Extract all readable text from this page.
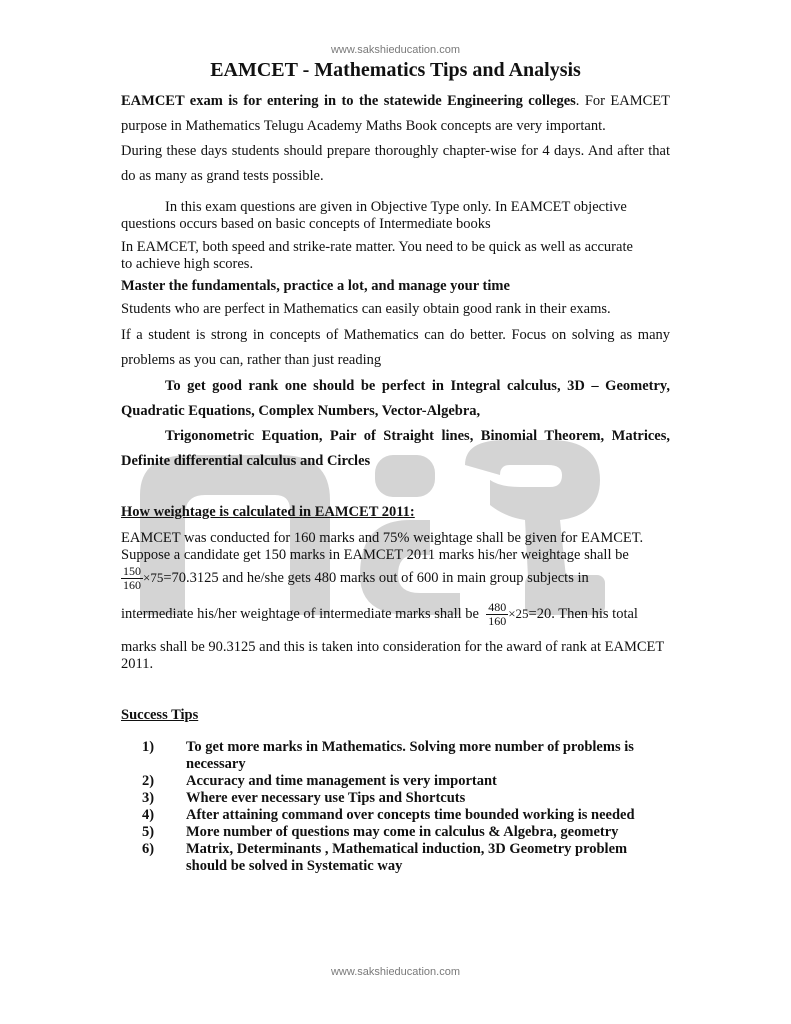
www.sakshieducation.com
EAMCET - Mathematics Tips and Analysis
EAMCET exam is for entering in to the statewide Engineering colleges. For EAMCET
purpose in Mathematics Telugu Academy Maths Book concepts are very important.
During these days students should prepare thoroughly chapter-wise for 4 days. And after that
do as many as grand tests possible.
In this exam questions are given in Objective Type only. In EAMCET objective
questions occurs based on basic concepts of Intermediate books
In EAMCET, both speed and strike-rate matter. You need to be quick as well as accurate
to achieve high scores.
Master the fundamentals, practice a lot, and manage your time
Students who are perfect in Mathematics can easily obtain good rank in their exams.
If a student is strong in concepts of Mathematics can do better. Focus on solving as many
problems as you can, rather than just reading
To get good rank one should be perfect in Integral calculus, 3D – Geometry,
Quadratic Equations, Complex Numbers, Vector-Algebra,
Trigonometric Equation, Pair of Straight lines, Binomial Theorem, Matrices,
Definite differential calculus and Circles
How weightage is calculated in EAMCET 2011:
EAMCET was conducted for 160 marks and 75% weightage shall be given for EAMCET.
Suppose a candidate get 150 marks in EAMCET 2011 marks his/her weightage shall be
$\frac{150}{160} \times 75=70.3125$ and he/she gets 480 marks out of 600 in main group subjects in
intermediate his/her weightage of intermediate marks shall be $\frac{480}{160} \times 25=20$. Then his total
marks shall be 90.3125 and this is taken into consideration for the award of rank at EAMCET
2011.
Success Tips
1)	To get more marks in Mathematics. Solving more number of problems is
necessary
2)	Accuracy and time management is very important
3)	Where ever necessary use Tips and Shortcuts
4)	After attaining command over concepts time bounded working is needed
5)	More number of questions may come in calculus & Algebra, geometry
6)	Matrix, Determinants , Mathematical induction, 3D Geometry problem
should be solved in Systematic way
www.sakshieducation.com
